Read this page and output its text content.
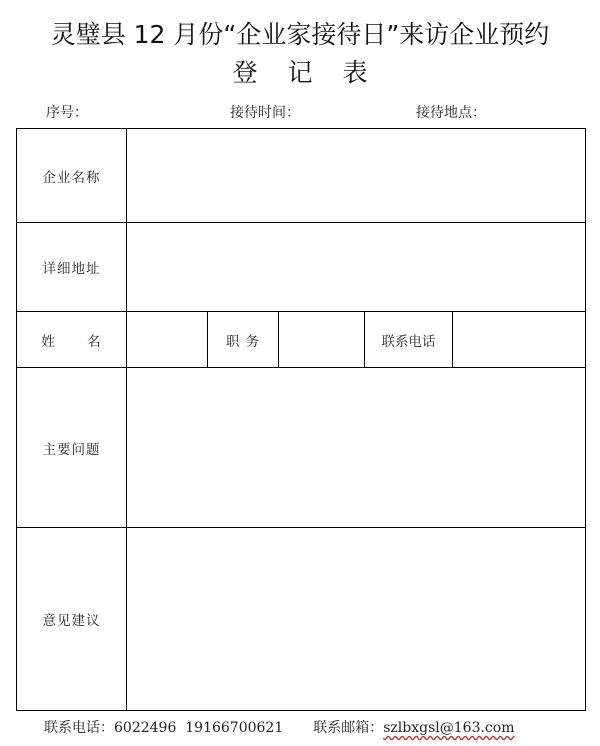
灵璧县 12 月份“企业家接待日”来访企业预约
登 记 表
序号：	接待时间：	接待地点：
企业名称					
详细地址					
姓 名		职 务		联系电话	
主要问题					
意见建议					
联系电话：6022496  19166700621 联系邮箱：szlbxgsl@163.com
